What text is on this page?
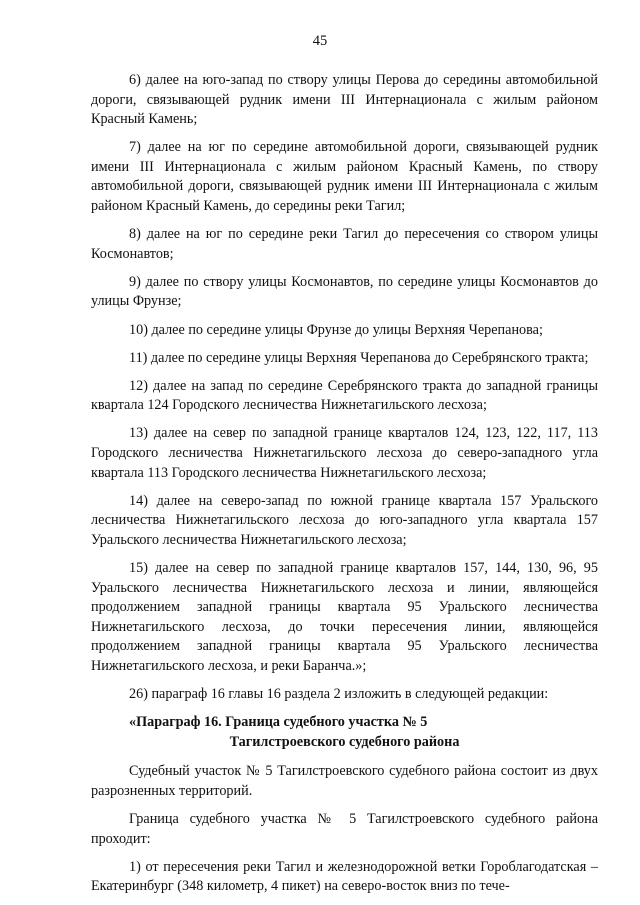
45

6) далее на юго-запад по створу улицы Перова до середины автомобильной дороги, связывающей рудник имени III Интернационала с жилым районом Красный Камень;

7) далее на юг по середине автомобильной дороги, связывающей рудник имени III Интернационала с жилым районом Красный Камень, по створу автомобильной дороги, связывающей рудник имени III Интернационала с жилым районом Красный Камень, до середины реки Тагил;

8) далее на юг по середине реки Тагил до пересечения со створом улицы Космонавтов;

9) далее по створу улицы Космонавтов, по середине улицы Космонавтов до улицы Фрунзе;

10) далее по середине улицы Фрунзе до улицы Верхняя Черепанова;

11) далее по середине улицы Верхняя Черепанова до Серебрянского тракта;

12) далее на запад по середине Серебрянского тракта до западной границы квартала 124 Городского лесничества Нижнетагильского лесхоза;

13) далее на север по западной границе кварталов 124, 123, 122, 117, 113 Городского лесничества Нижнетагильского лесхоза до северо-западного угла квартала 113 Городского лесничества Нижнетагильского лесхоза;

14) далее на северо-запад по южной границе квартала 157 Уральского лесничества Нижнетагильского лесхоза до юго-западного угла квартала 157 Уральского лесничества Нижнетагильского лесхоза;

15) далее на север по западной границе кварталов 157, 144, 130, 96, 95 Уральского лесничества Нижнетагильского лесхоза и линии, являющейся продолжением западной границы квартала 95 Уральского лесничества Нижнетагильского лесхоза, до точки пересечения линии, являющейся продолжением западной границы квартала 95 Уральского лесничества Нижнетагильского лесхоза, и реки Баранча.»;

26) параграф 16 главы 16 раздела 2 изложить в следующей редакции:

«Параграф 16. Граница судебного участка № 5
Тагилстроевского судебного района

Судебный участок № 5 Тагилстроевского судебного района состоит из двух разрозненных территорий.

Граница судебного участка № 5 Тагилстроевского судебного района проходит:

1) от пересечения реки Тагил и железнодорожной ветки Гороблагодатская – Екатеринбург (348 километр, 4 пикет) на северо-восток вниз по тече-
